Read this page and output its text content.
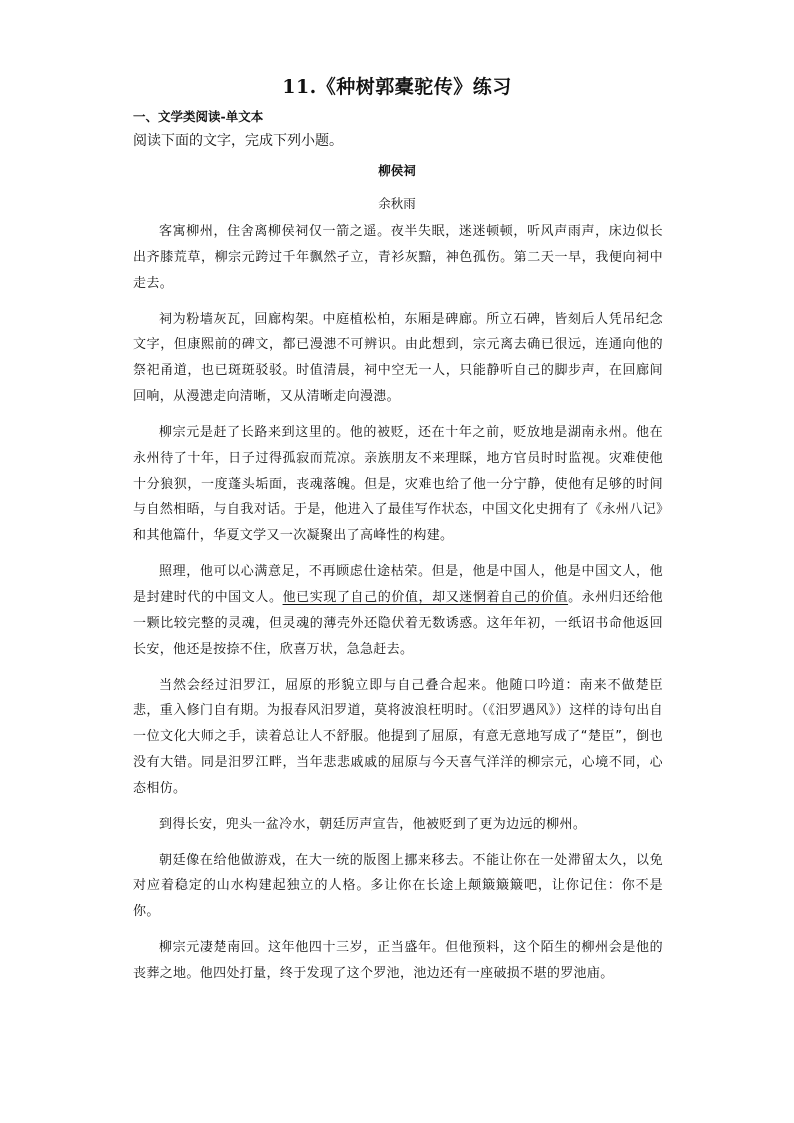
11.《种树郭橐驼传》练习
一、文学类阅读-单文本
阅读下面的文字，完成下列小题。
柳侯祠
余秋雨

客寓柳州，住舍离柳侯祠仅一箭之遥。夜半失眠，迷迷顿顿，听风声雨声，床边似长出齐膝荒草，柳宗元跨过千年飘然孑立，青衫灰黯，神色孤伤。第二天一早，我便向祠中走去。

祠为粉墙灰瓦，回廊构架。中庭植松柏，东厢是碑廊。所立石碑，皆刻后人凭吊纪念文字，但康熙前的碑文，都已漫漶不可辨识。由此想到，宗元离去确已很远，连通向他的祭祀甬道，也已斑斑驳驳。时值清晨，祠中空无一人，只能静听自己的脚步声，在回廊间回响，从漫漶走向清晰，又从清晰走向漫漶。

柳宗元是赶了长路来到这里的。他的被贬，还在十年之前，贬放地是湖南永州。他在永州待了十年，日子过得孤寂而荒凉。亲族朋友不来理睬，地方官员时时监视。灾难使他十分狼狈，一度蓬头垢面，丧魂落魄。但是，灾难也给了他一分宁静，使他有足够的时间与自然相晤，与自我对话。于是，他进入了最佳写作状态，中国文化史拥有了《永州八记》和其他篇什，华夏文学又一次凝聚出了高峰性的构建。

照理，他可以心满意足，不再顾虑仕途枯荣。但是，他是中国人，他是中国文人，他是封建时代的中国文人。他已实现了自己的价值，却又迷惘着自己的价值。永州归还给他一颗比较完整的灵魂，但灵魂的薄壳外还隐伏着无数诱惑。这年年初，一纸诏书命他返回长安，他还是按捺不住，欣喜万状，急急赶去。

当然会经过汨罗江，屈原的形貌立即与自己叠合起来。他随口吟道：南来不做楚臣悲，重入修门自有期。为报春风汨罗道，莫将波浪枉明时。（《汨罗遇风》）这样的诗句出自一位文化大师之手，读着总让人不舒服。他提到了屈原，有意无意地写成了“楚臣”，倒也没有大错。同是汨罗江畔，当年悲悲戚戚的屈原与今天喜气洋洋的柳宗元，心境不同，心态相仿。

到得长安，兜头一盆冷水，朝廷厉声宣告，他被贬到了更为边远的柳州。

朝廷像在给他做游戏，在大一统的版图上挪来移去。不能让你在一处滞留太久，以免对应着稳定的山水构建起独立的人格。多让你在长途上颠簸簸簸吧，让你记住：你不是你。

柳宗元凄楚南回。这年他四十三岁，正当盛年。但他预料，这个陌生的柳州会是他的丧葬之地。他四处打量，终于发现了这个罗池，池边还有一座破损不堪的罗池庙。
